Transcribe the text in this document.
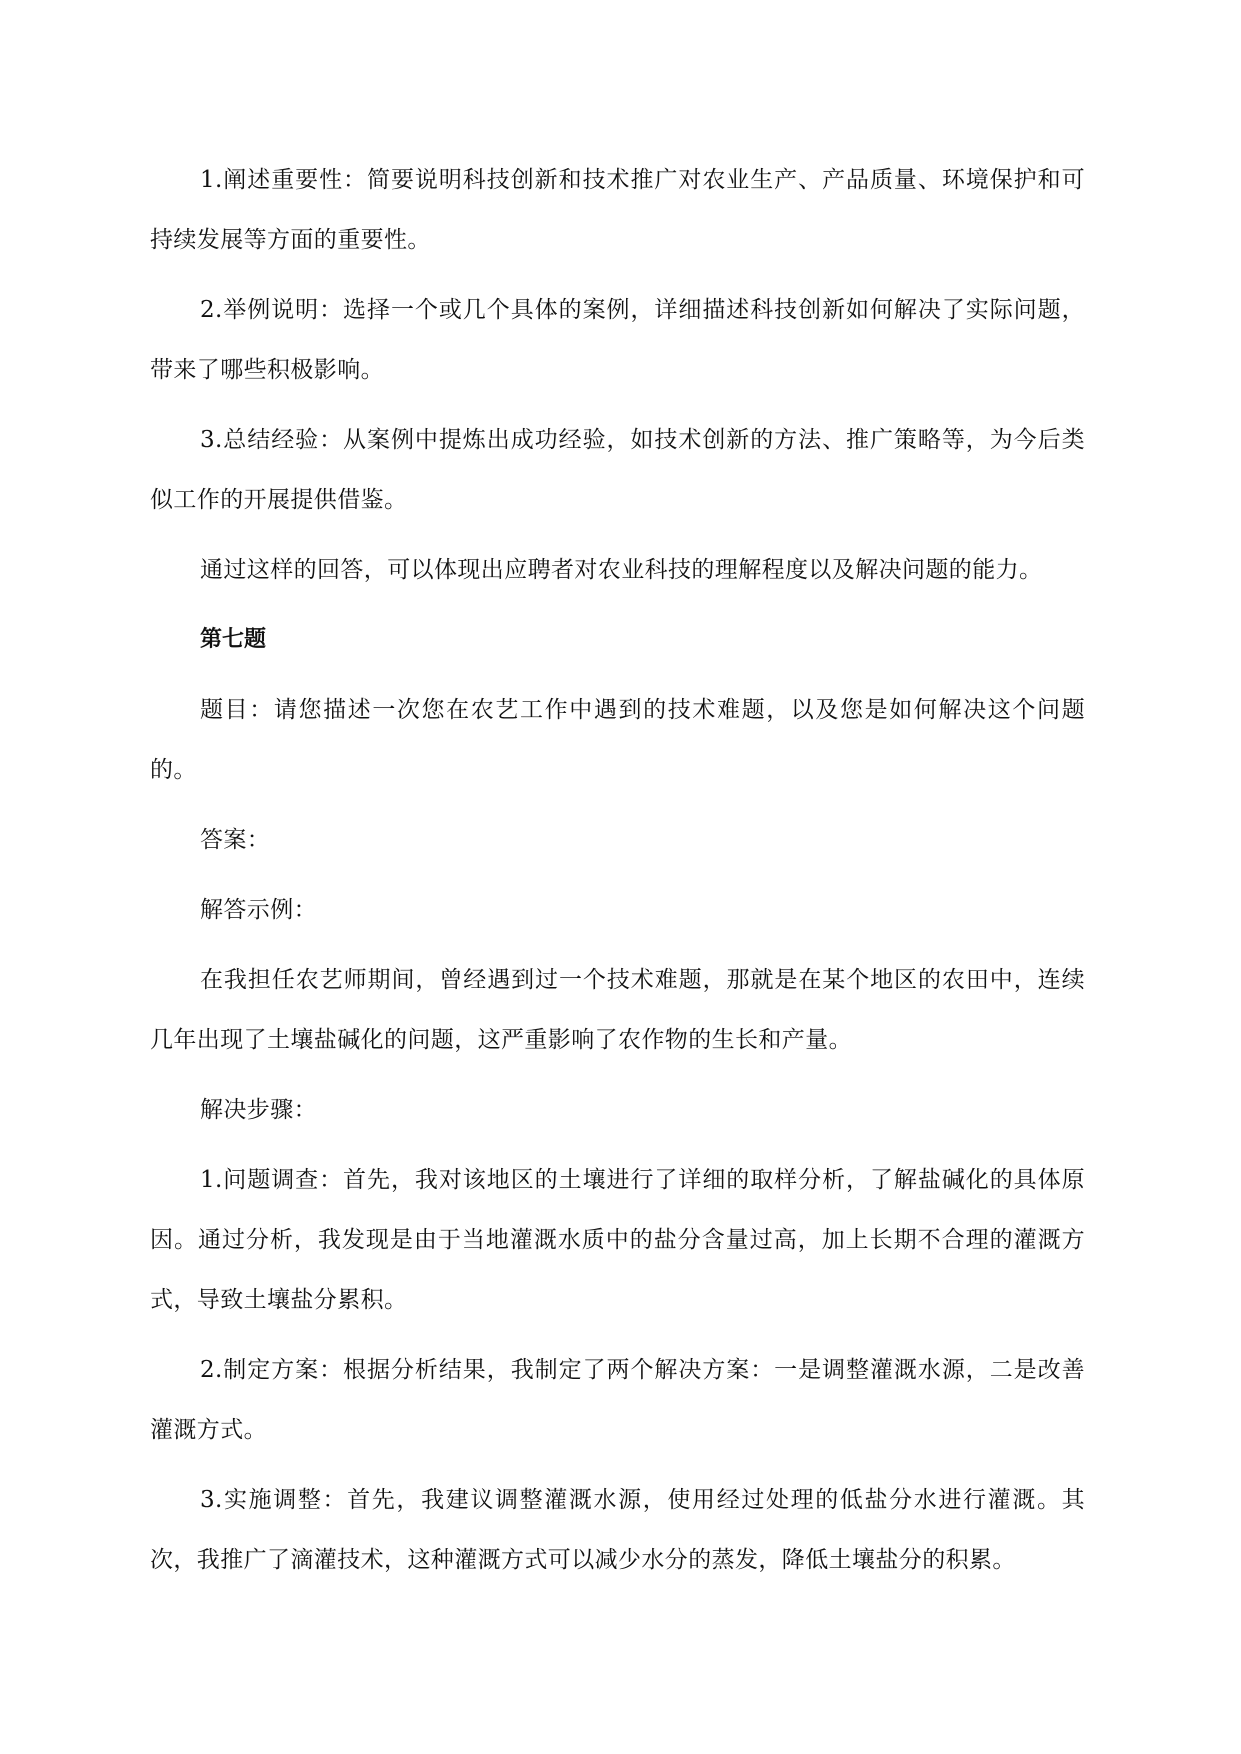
1.阐述重要性：简要说明科技创新和技术推广对农业生产、产品质量、环境保护和可持续发展等方面的重要性。

2.举例说明：选择一个或几个具体的案例，详细描述科技创新如何解决了实际问题，带来了哪些积极影响。

3.总结经验：从案例中提炼出成功经验，如技术创新的方法、推广策略等，为今后类似工作的开展提供借鉴。

通过这样的回答，可以体现出应聘者对农业科技的理解程度以及解决问题的能力。

第七题

题目：请您描述一次您在农艺工作中遇到的技术难题，以及您是如何解决这个问题的。

答案：

解答示例：

在我担任农艺师期间，曾经遇到过一个技术难题，那就是在某个地区的农田中，连续几年出现了土壤盐碱化的问题，这严重影响了农作物的生长和产量。

解决步骤：

1.问题调查：首先，我对该地区的土壤进行了详细的取样分析，了解盐碱化的具体原因。通过分析，我发现是由于当地灌溉水质中的盐分含量过高，加上长期不合理的灌溉方式，导致土壤盐分累积。

2.制定方案：根据分析结果，我制定了两个解决方案：一是调整灌溉水源，二是改善灌溉方式。

3.实施调整：首先，我建议调整灌溉水源，使用经过处理的低盐分水进行灌溉。其次，我推广了滴灌技术，这种灌溉方式可以减少水分的蒸发，降低土壤盐分的积累。
